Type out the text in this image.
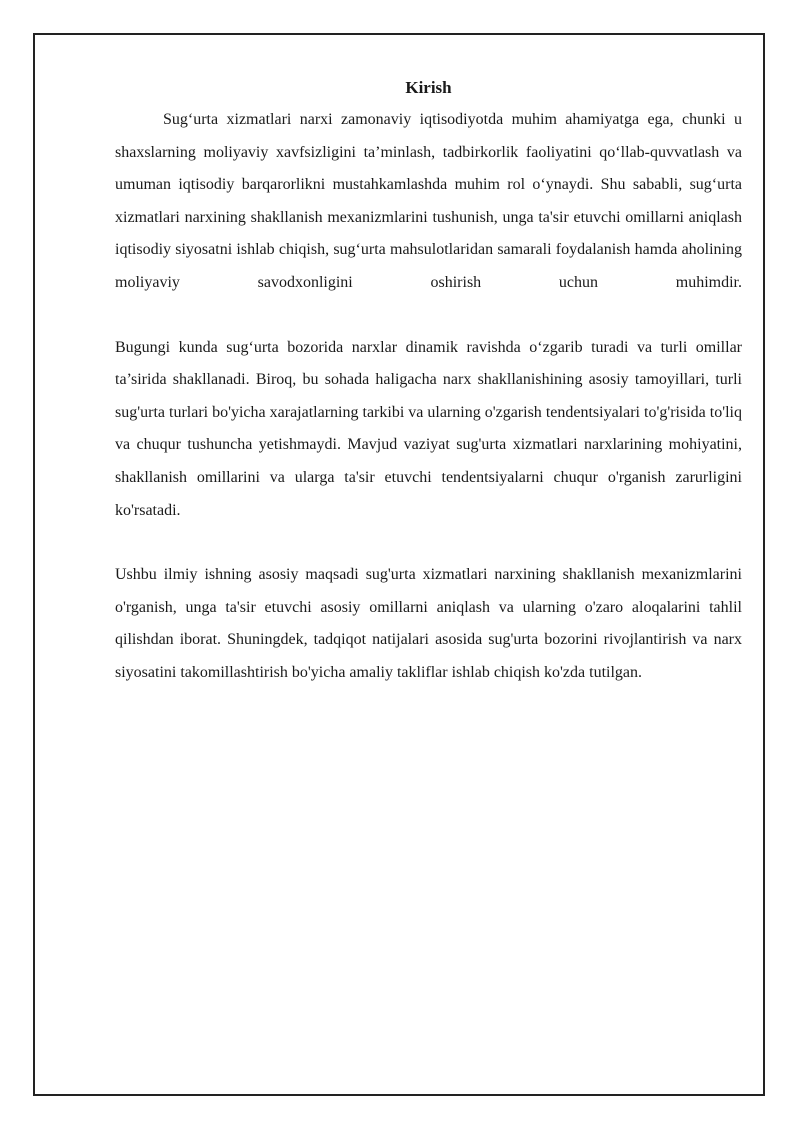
Kirish

Sug‘urta xizmatlari narxi zamonaviy iqtisodiyotda muhim ahamiyatga ega, chunki u shaxslarning moliyaviy xavfsizligini ta’minlash, tadbirkorlik faoliyatini qo‘llab-quvvatlash va umuman iqtisodiy barqarorlikni mustahkamlashda muhim rol o‘ynaydi. Shu sababli, sug‘urta xizmatlari narxining shakllanish mexanizmlarini tushunish, unga ta'sir etuvchi omillarni aniqlash iqtisodiy siyosatni ishlab chiqish, sug‘urta mahsulotlaridan samarali foydalanish hamda aholining moliyaviy savodxonligini oshirish uchun muhimdir.

Bugungi kunda sug‘urta bozorida narxlar dinamik ravishda o‘zgarib turadi va turli omillar ta’sirida shakllanadi. Biroq, bu sohada haligacha narx shakllanishining asosiy tamoyillari, turli sug'urta turlari bo'yicha xarajatlarning tarkibi va ularning o'zgarish tendentsiyalari to'g'risida to'liq va chuqur tushuncha yetishmaydi. Mavjud vaziyat sug'urta xizmatlari narxlarining mohiyatini, shakllanish omillarini va ularga ta'sir etuvchi tendentsiyalarni chuqur o'rganish zarurligini ko'rsatadi.

Ushbu ilmiy ishning asosiy maqsadi sug'urta xizmatlari narxining shakllanish mexanizmlarini o'rganish, unga ta'sir etuvchi asosiy omillarni aniqlash va ularning o'zaro aloqalarini tahlil qilishdan iborat. Shuningdek, tadqiqot natijalari asosida sug'urta bozorini rivojlantirish va narx siyosatini takomillashtirish bo'yicha amaliy takliflar ishlab chiqish ko'zda tutilgan.
